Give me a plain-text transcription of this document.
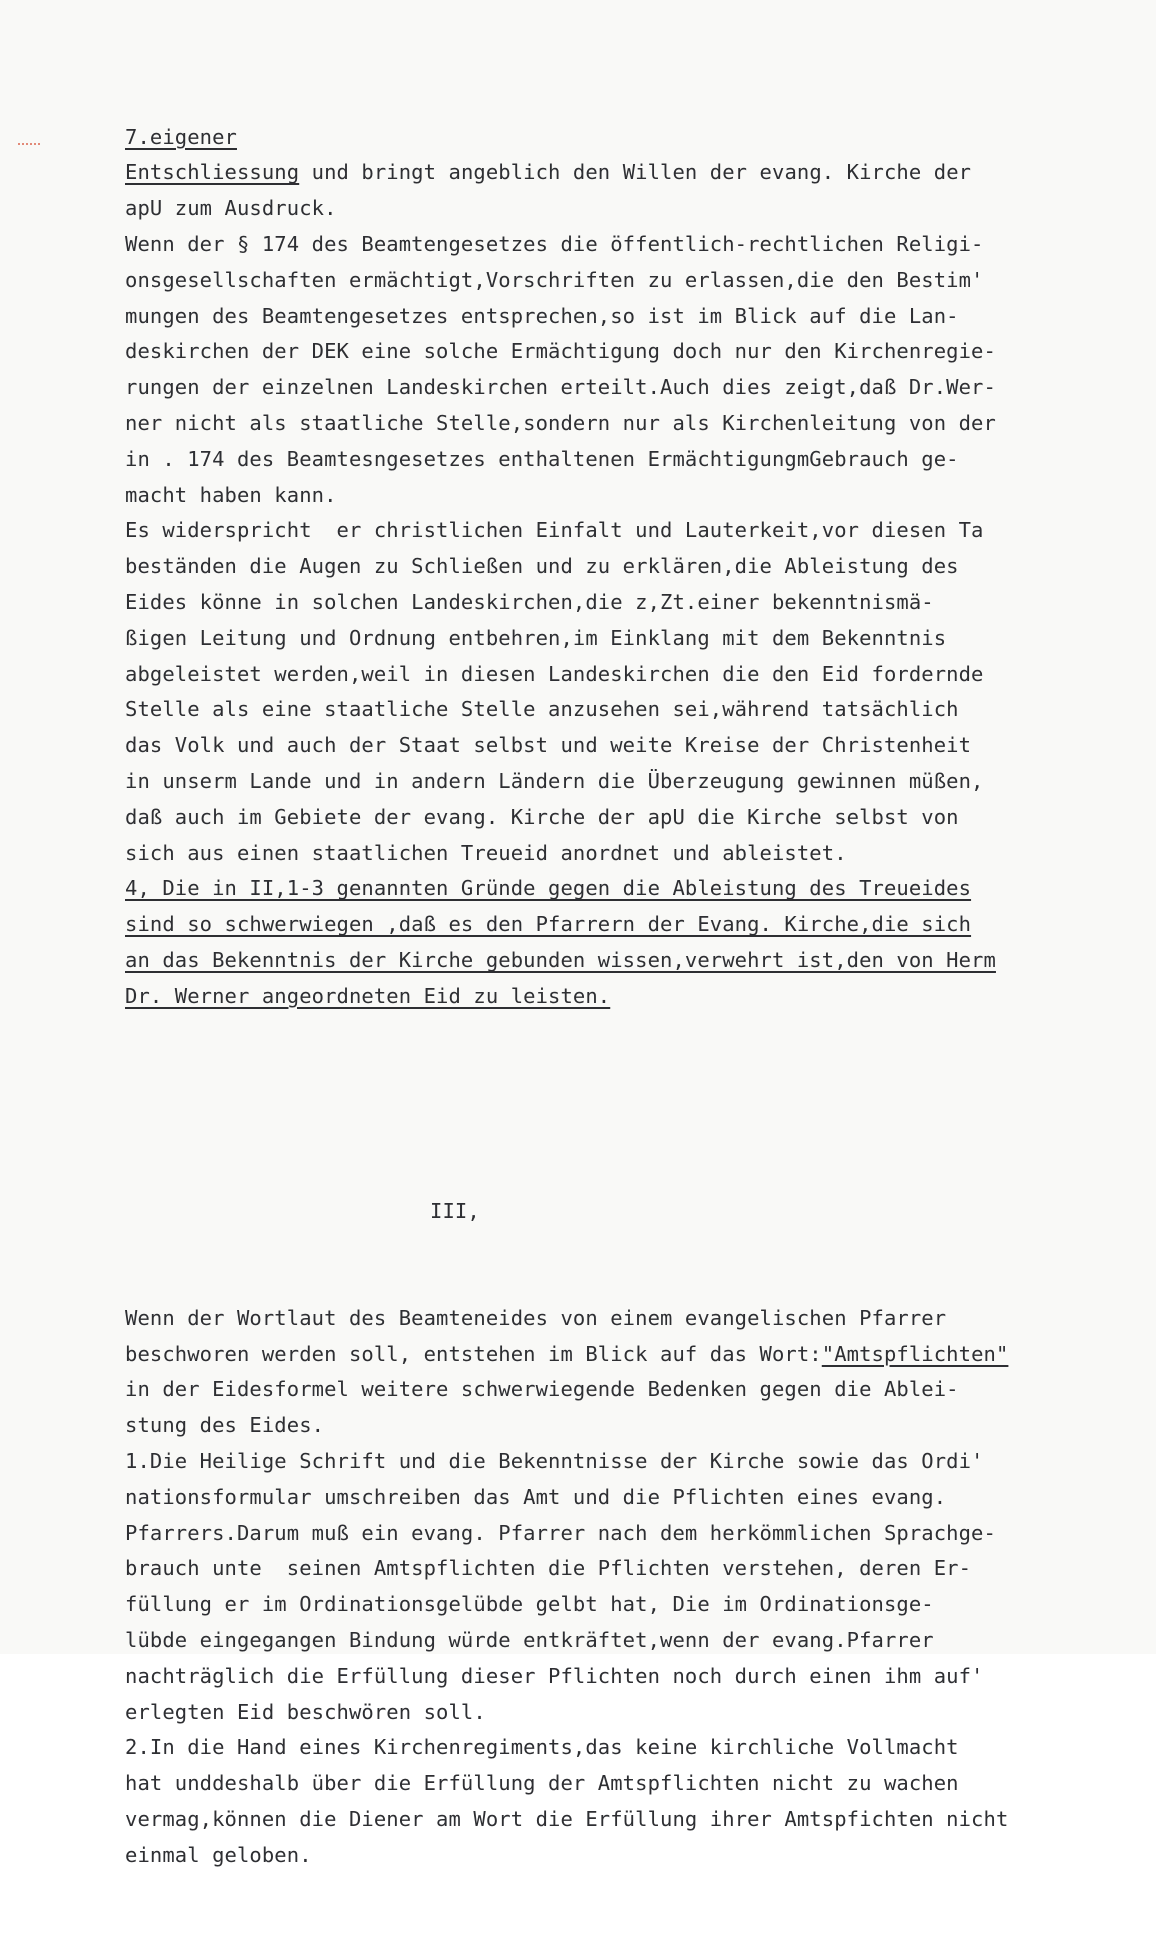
7.eigener
Entschliessung und bringt angeblich den Willen der evang. Kirche der
apU zum Ausdruck.
Wenn der § 174 des Beamtengesetzes die öffentlich-rechtlichen Religi-
onsgesellschaften ermächtigt,Vorschriften zu erlassen,die den Bestim'
mungen des Beamtengesetzes entsprechen,so ist im Blick auf die Lan-
deskirchen der DEK eine solche Ermächtigung doch nur den Kirchenregie-
rungen der einzelnen Landeskirchen erteilt.Auch dies zeigt,daß Dr.Wer-
ner nicht als staatliche Stelle,sondern nur als Kirchenleitung von der
in . 174 des Beamtesngesetzes enthaltenen ErmächtigungmGebrauch ge-
macht haben kann.
Es widerspricht  er christlichen Einfalt und Lauterkeit,vor diesen Ta
beständen die Augen zu Schließen und zu erklären,die Ableistung des
Eides könne in solchen Landeskirchen,die z,Zt.einer bekenntnismä-
ßigen Leitung und Ordnung entbehren,im Einklang mit dem Bekenntnis
abgeleistet werden,weil in diesen Landeskirchen die den Eid fordernde
Stelle als eine staatliche Stelle anzusehen sei,während tatsächlich
das Volk und auch der Staat selbst und weite Kreise der Christenheit
in unserm Lande und in andern Ländern die Überzeugung gewinnen müßen,
daß auch im Gebiete der evang. Kirche der apU die Kirche selbst von
sich aus einen staatlichen Treueid anordnet und ableistet.
4, Die in II,1-3 genannten Gründe gegen die Ableistung des Treueides
sind so schwerwiegen ,daß es den Pfarrern der Evang. Kirche,die sich
an das Bekenntnis der Kirche gebunden wissen,verwehrt ist,den von Herm
Dr. Werner angeordneten Eid zu leisten.

III,

Wenn der Wortlaut des Beamteneides von einem evangelischen Pfarrer
beschworen werden soll, entstehen im Blick auf das Wort:"Amtspflichten"
in der Eidesformel weitere schwerwiegende Bedenken gegen die Ablei-
stung des Eides.
1.Die Heilige Schrift und die Bekenntnisse der Kirche sowie das Ordi'
nationsformular umschreiben das Amt und die Pflichten eines evang.
Pfarrers.Darum muß ein evang. Pfarrer nach dem herkömmlichen Sprachge-
brauch unte  seinen Amtspflichten die Pflichten verstehen, deren Er-
füllung er im Ordinationsgelübde gelbt hat, Die im Ordinationsge-
lübde eingegangen Bindung würde entkräftet,wenn der evang.Pfarrer
nachträglich die Erfüllung dieser Pflichten noch durch einen ihm auf'
erlegten Eid beschwören soll.
2.In die Hand eines Kirchenregiments,das keine kirchliche Vollmacht
hat unddeshalb über die Erfüllung der Amtspflichten nicht zu wachen
vermag,können die Diener am Wort die Erfüllung ihrer Amtspfichten nicht
einmal geloben.
